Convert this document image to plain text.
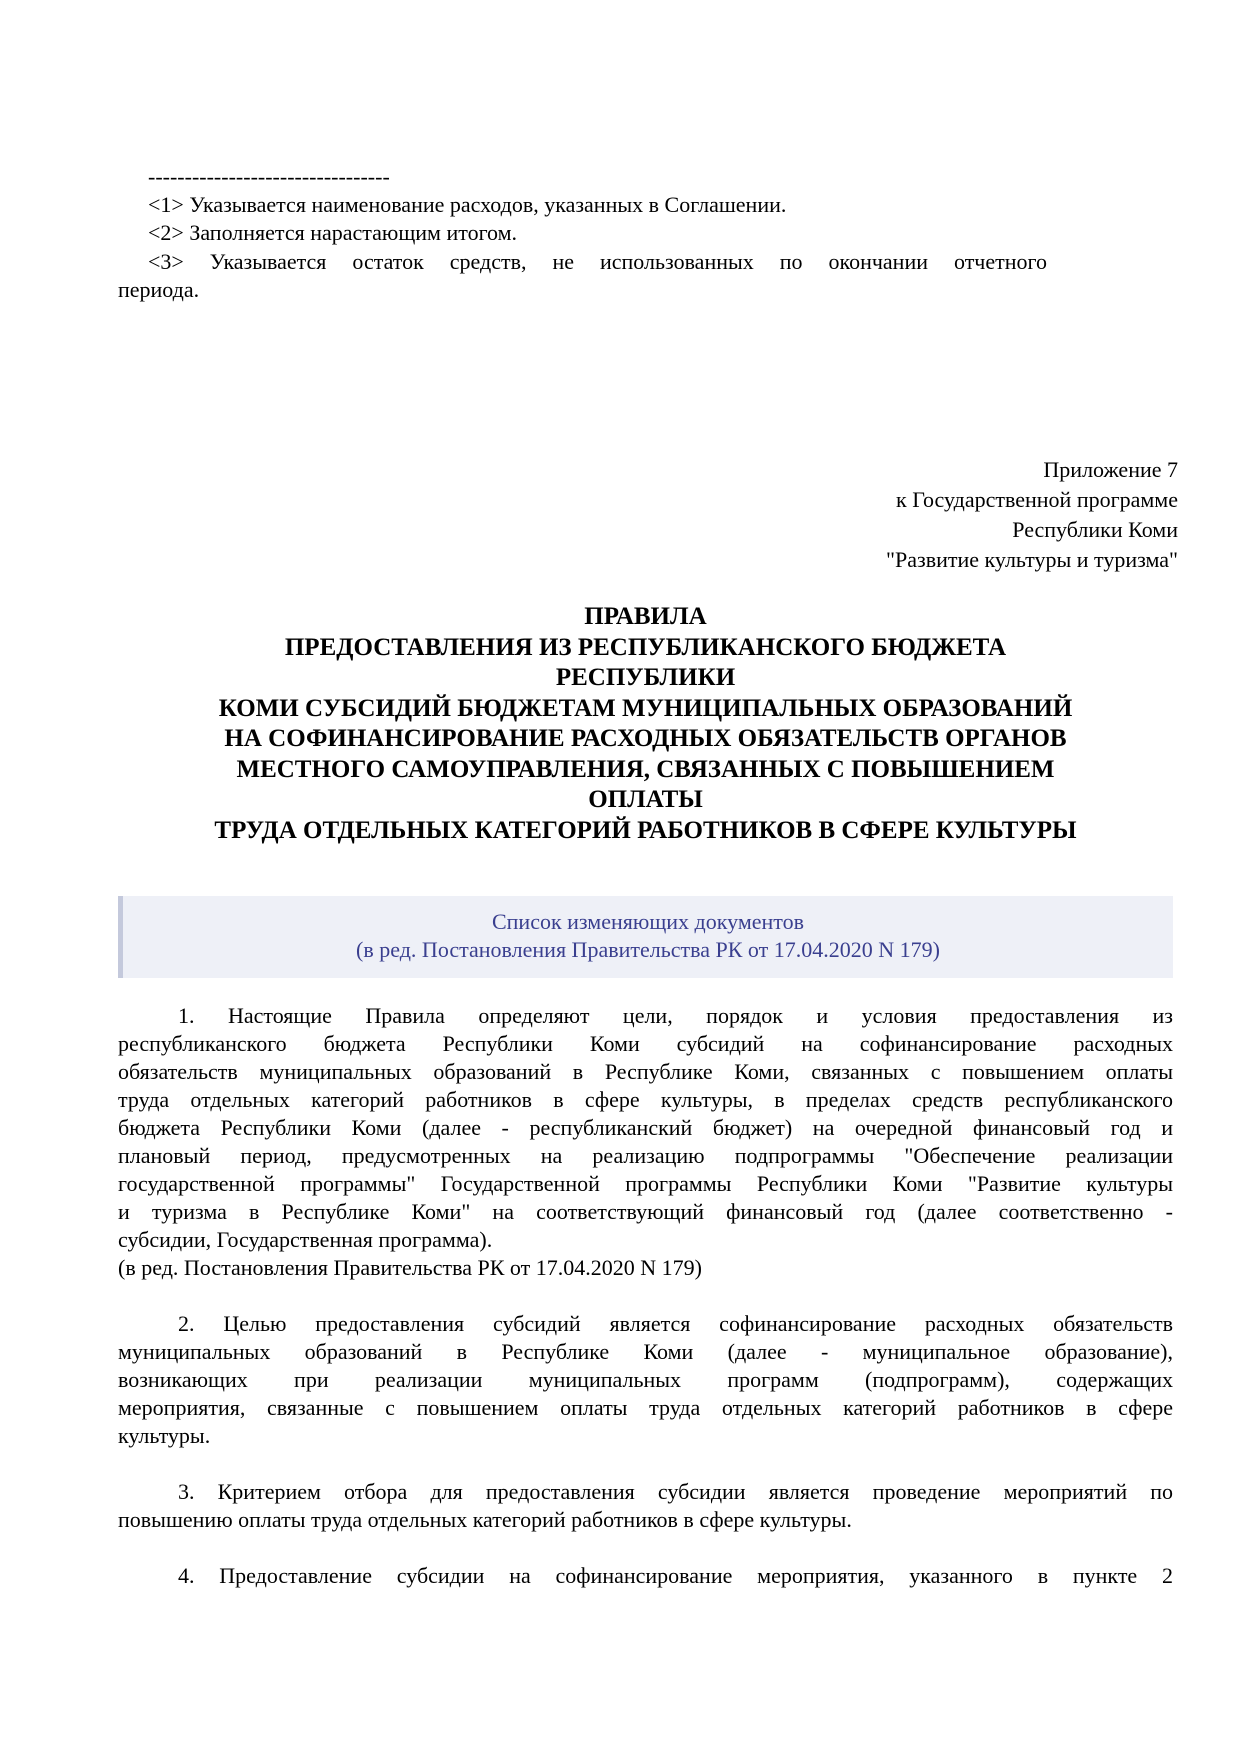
---------------------------------
<1> Указывается наименование расходов, указанных в Соглашении.
<2> Заполняется нарастающим итогом.
<3> Указывается остаток средств, не использованных по окончании отчетного
периода.
Приложение 7
к Государственной программе
Республики Коми
"Развитие культуры и туризма"
ПРАВИЛА
ПРЕДОСТАВЛЕНИЯ ИЗ РЕСПУБЛИКАНСКОГО БЮДЖЕТА
РЕСПУБЛИКИ
КОМИ СУБСИДИЙ БЮДЖЕТАМ МУНИЦИПАЛЬНЫХ ОБРАЗОВАНИЙ
НА СОФИНАНСИРОВАНИЕ РАСХОДНЫХ ОБЯЗАТЕЛЬСТВ ОРГАНОВ
МЕСТНОГО САМОУПРАВЛЕНИЯ, СВЯЗАННЫХ С ПОВЫШЕНИЕМ
ОПЛАТЫ
ТРУДА ОТДЕЛЬНЫХ КАТЕГОРИЙ РАБОТНИКОВ В СФЕРЕ КУЛЬТУРЫ
Список изменяющих документов
(в ред. Постановления Правительства РК от 17.04.2020 N 179)
1. Настоящие Правила определяют цели, порядок и условия предоставления из
республиканского бюджета Республики Коми субсидий на софинансирование расходных
обязательств муниципальных образований в Республике Коми, связанных с повышением оплаты
труда отдельных категорий работников в сфере культуры, в пределах средств республиканского
бюджета Республики Коми (далее - республиканский бюджет) на очередной финансовый год и
плановый период, предусмотренных на реализацию подпрограммы "Обеспечение реализации
государственной программы" Государственной программы Республики Коми "Развитие культуры
и туризма в Республике Коми" на соответствующий финансовый год (далее соответственно -
субсидии, Государственная программа).
(в ред. Постановления Правительства РК от 17.04.2020 N 179)
2. Целью предоставления субсидий является софинансирование расходных обязательств
муниципальных образований в Республике Коми (далее - муниципальное образование),
возникающих при реализации муниципальных программ (подпрограмм), содержащих
мероприятия, связанные с повышением оплаты труда отдельных категорий работников в сфере
культуры.
3. Критерием отбора для предоставления субсидии является проведение мероприятий по
повышению оплаты труда отдельных категорий работников в сфере культуры.
4. Предоставление субсидии на софинансирование мероприятия, указанного в пункте 2
